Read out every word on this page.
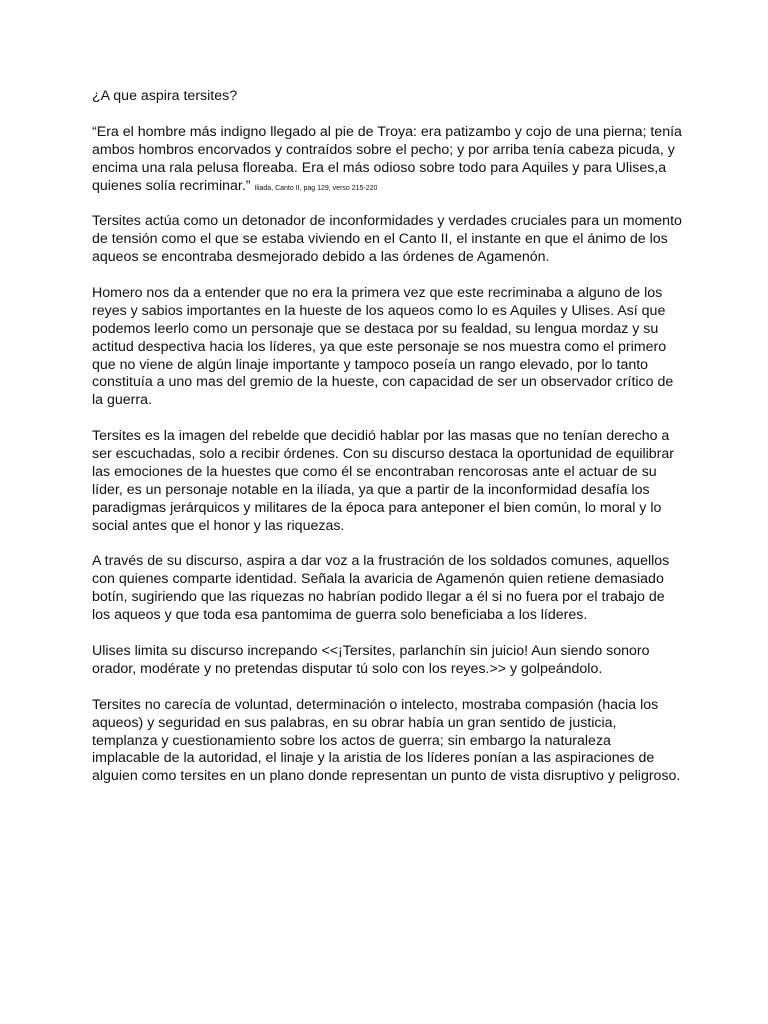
¿A que aspira tersites?

“Era el hombre más indigno llegado al pie de Troya: era patizambo y cojo de una pierna; tenía ambos hombros encorvados y contraídos sobre el pecho; y por arriba tenía cabeza picuda, y encima una rala pelusa floreaba. Era el más odioso sobre todo para Aquiles y para Ulises,a quienes solía recriminar.” Iliada, Canto II, pag 129, verso 215-220

Tersites actúa como un detonador de inconformidades y verdades cruciales para un momento de tensión como el que se estaba viviendo en el Canto II, el instante en que el ánimo de los aqueos se encontraba desmejorado debido a las órdenes de Agamenón.

Homero nos da a entender que no era la primera vez que este recriminaba a alguno de los reyes y sabios importantes en la hueste de los aqueos como lo es Aquiles y Ulises. Así que podemos leerlo como un personaje que se destaca por su fealdad, su lengua mordaz y su actitud despectiva hacia los líderes, ya que este personaje se nos muestra como el primero que no viene de algún linaje importante y tampoco poseía un rango elevado, por lo tanto constituía a uno mas del gremio de la hueste, con capacidad de ser un observador crítico de la guerra.

Tersites es la imagen del rebelde que decidió hablar por las masas que no tenían derecho a ser escuchadas, solo a recibir órdenes. Con su discurso destaca la oportunidad de equilibrar las emociones de la huestes que como él se encontraban rencorosas ante el actuar de su líder, es un personaje notable en la ilíada, ya que a partir de la inconformidad desafía los paradigmas jerárquicos y militares de la época para anteponer el bien común, lo moral y lo social antes que el honor y las riquezas.

A través de su discurso, aspira a dar voz a la frustración de los soldados comunes, aquellos con quienes comparte identidad. Señala la avaricia de Agamenón quien retiene demasiado botín, sugiriendo que las riquezas no habrían podido llegar a él si no fuera por el trabajo de los aqueos y que toda esa pantomima de guerra solo beneficiaba a los líderes.

Ulises limita su discurso increpando <<¡Tersites, parlanchín sin juicio! Aun siendo sonoro orador, modérate y no pretendas disputar tú solo con los reyes.>> y golpeándolo.

Tersites no carecía de voluntad, determinación o intelecto, mostraba compasión (hacia los aqueos) y seguridad en sus palabras, en su obrar había un gran sentido de justicia, templanza y cuestionamiento sobre los actos de guerra; sin embargo la naturaleza implacable de la autoridad, el linaje y la aristia de los líderes ponían a las aspiraciones de alguien como tersites en un plano donde representan un punto de vista disruptivo y peligroso.
